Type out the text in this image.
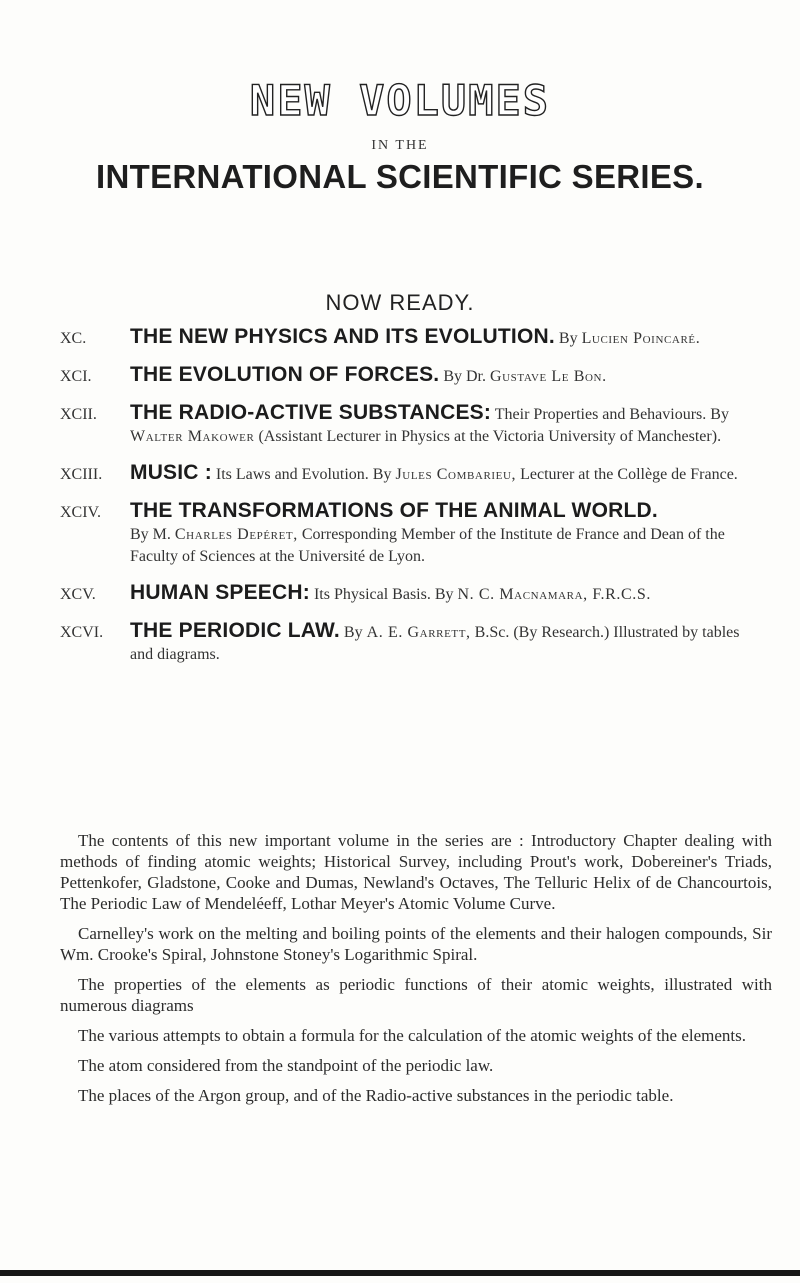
NEW VOLUMES
IN THE
INTERNATIONAL SCIENTIFIC SERIES.
NOW READY.
XC.	THE NEW PHYSICS AND ITS EVOLUTION. By Lucien Poincaré.
XCI.	THE EVOLUTION OF FORCES. By Dr. Gustave Le Bon.
XCII.	THE RADIO-ACTIVE SUBSTANCES: Their Properties and Behaviours. By Walter Makower (Assistant Lecturer in Physics at the Victoria University of Manchester).
XCIII.	MUSIC : Its Laws and Evolution. By Jules Combarieu, Lecturer at the Collège de France.
XCIV.	THE TRANSFORMATIONS OF THE ANIMAL WORLD.
By M. Charles Depéret, Corresponding Member of the Institute de France and Dean of the Faculty of Sciences at the Université de Lyon.
XCV.	HUMAN SPEECH: Its Physical Basis. By N. C. Macnamara, F.R.C.S.
XCVI.	THE PERIODIC LAW. By A. E. Garrett, B.Sc. (By Research.) Illustrated by tables and diagrams.

The contents of this new important volume in the series are : Introductory Chapter dealing with methods of finding atomic weights; Historical Survey, including Prout's work, Dobereiner's Triads, Pettenkofer, Gladstone, Cooke and Dumas, Newland's Octaves, The Telluric Helix of de Chancourtois, The Periodic Law of Mendeléeff, Lothar Meyer's Atomic Volume Curve.

Carnelley's work on the melting and boiling points of the elements and their halogen compounds, Sir Wm. Crooke's Spiral, Johnstone Stoney's Logarithmic Spiral.

The properties of the elements as periodic functions of their atomic weights, illustrated with numerous diagrams

The various attempts to obtain a formula for the calculation of the atomic weights of the elements.

The atom considered from the standpoint of the periodic law.

The places of the Argon group, and of the Radio-active substances in the periodic table.
